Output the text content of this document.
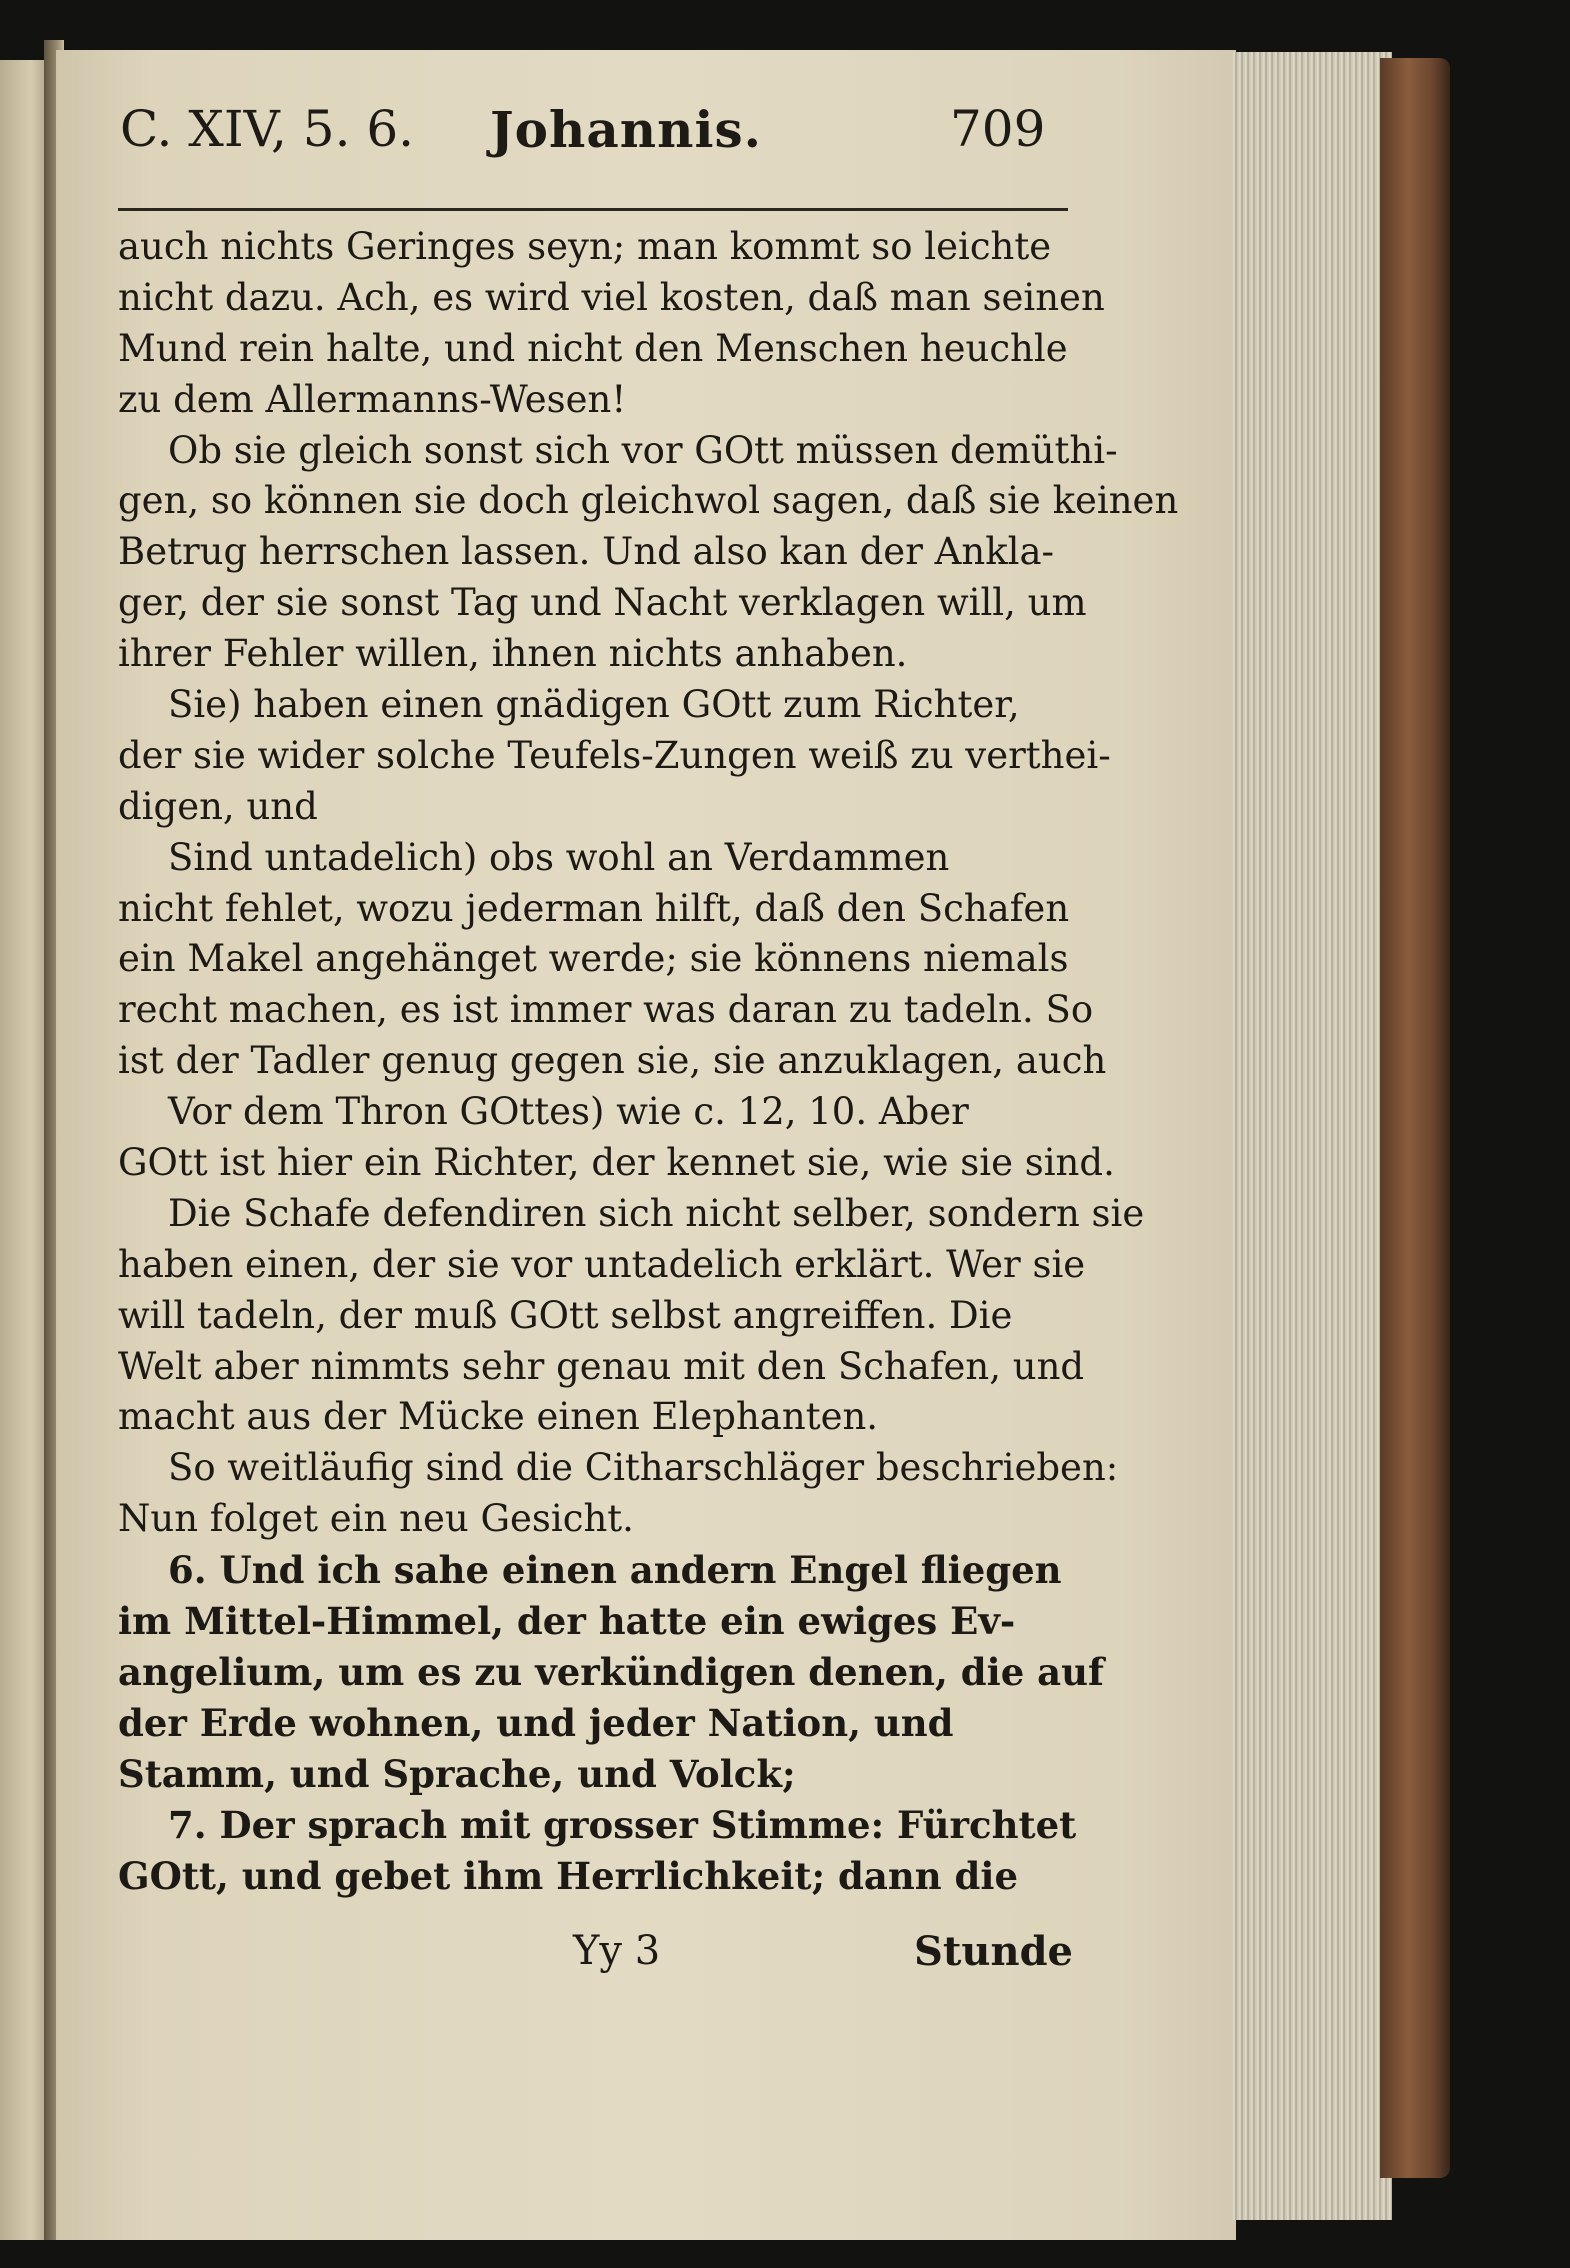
C. XIV, 5. 6. Johannis.	709
auch nichts Geringes seyn; man kommt so leichte
nicht dazu. Ach, es wird viel kosten, daß man seinen
Mund rein halte, und nicht den Menschen heuchle
zu dem Allermanns-Wesen!
Ob sie gleich sonst sich vor GOtt müssen demüthi-
gen, so können sie doch gleichwol sagen, daß sie keinen
Betrug herrschen lassen. Und also kan der Ankla-
ger, der sie sonst Tag und Nacht verklagen will, um
ihrer Fehler willen, ihnen nichts anhaben.
Sie) haben einen gnädigen GOtt zum Richter,
der sie wider solche Teufels-Zungen weiß zu verthei-
digen, und
Sind untadelich) obs wohl an Verdammen
nicht fehlet, wozu jederman hilft, daß den Schafen
ein Makel angehänget werde; sie könnens niemals
recht machen, es ist immer was daran zu tadeln. So
ist der Tadler genug gegen sie, sie anzuklagen, auch
Vor dem Thron GOttes) wie c. 12, 10. Aber
GOtt ist hier ein Richter, der kennet sie, wie sie sind.
Die Schafe defendiren sich nicht selber, sondern sie
haben einen, der sie vor untadelich erklärt. Wer sie
will tadeln, der muß GOtt selbst angreiffen. Die
Welt aber nimmts sehr genau mit den Schafen, und
macht aus der Mücke einen Elephanten.
So weitläufig sind die Citharschläger beschrieben:
Nun folget ein neu Gesicht.
6. Und ich sahe einen andern Engel fliegen
im Mittel-Himmel, der hatte ein ewiges Ev-
angelium, um es zu verkündigen denen, die auf
der Erde wohnen, und jeder Nation, und
Stamm, und Sprache, und Volck;
7. Der sprach mit grosser Stimme: Fürchtet
GOtt, und gebet ihm Herrlichkeit; dann die
Yy 3	Stunde
